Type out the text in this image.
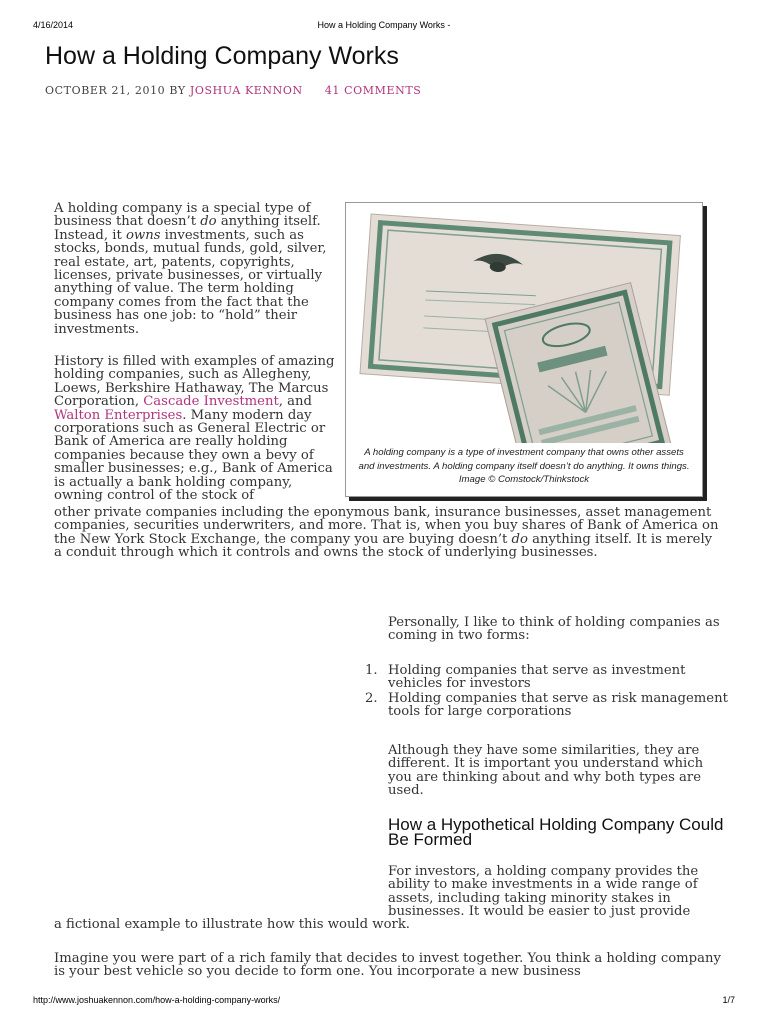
4/16/2014	How a Holding Company Works -
How a Holding Company Works
OCTOBER 21, 2010 BY JOSHUA KENNON 41 COMMENTS

A holding company is a special type of business that doesn’t do anything itself. Instead, it owns investments, such as stocks, bonds, mutual funds, gold, silver, real estate, art, patents, copyrights, licenses, private businesses, or virtually anything of value. The term holding company comes from the fact that the business has one job: to “hold” their investments.

History is filled with examples of amazing holding companies, such as Allegheny, Loews, Berkshire Hathaway, The Marcus Corporation, Cascade Investment, and Walton Enterprises. Many modern day corporations such as General Electric or Bank of America are really holding companies because they own a bevy of smaller businesses; e.g., Bank of America is actually a bank holding company, owning control of the stock of

other private companies including the eponymous bank, insurance businesses, asset management companies, securities underwriters, and more. That is, when you buy shares of Bank of America on the New York Stock Exchange, the company you are buying doesn’t do anything itself. It is merely a conduit through which it controls and owns the stock of underlying businesses.

A holding company is a type of investment company that owns other assets and investments. A holding company itself doesn’t do anything. It owns things. Image © Comstock/Thinkstock

Personally, I like to think of holding companies as coming in two forms:

1. Holding companies that serve as investment vehicles for investors
2. Holding companies that serve as risk management tools for large corporations

Although they have some similarities, they are different. It is important you understand which you are thinking about and why both types are used.

How a Hypothetical Holding Company Could Be Formed

For investors, a holding company provides the ability to make investments in a wide range of assets, including taking minority stakes in businesses. It would be easier to just provide

a fictional example to illustrate how this would work.

Imagine you were part of a rich family that decides to invest together. You think a holding company is your best vehicle so you decide to form one. You incorporate a new business

http://www.joshuakennon.com/how-a-holding-company-works/	1/7
